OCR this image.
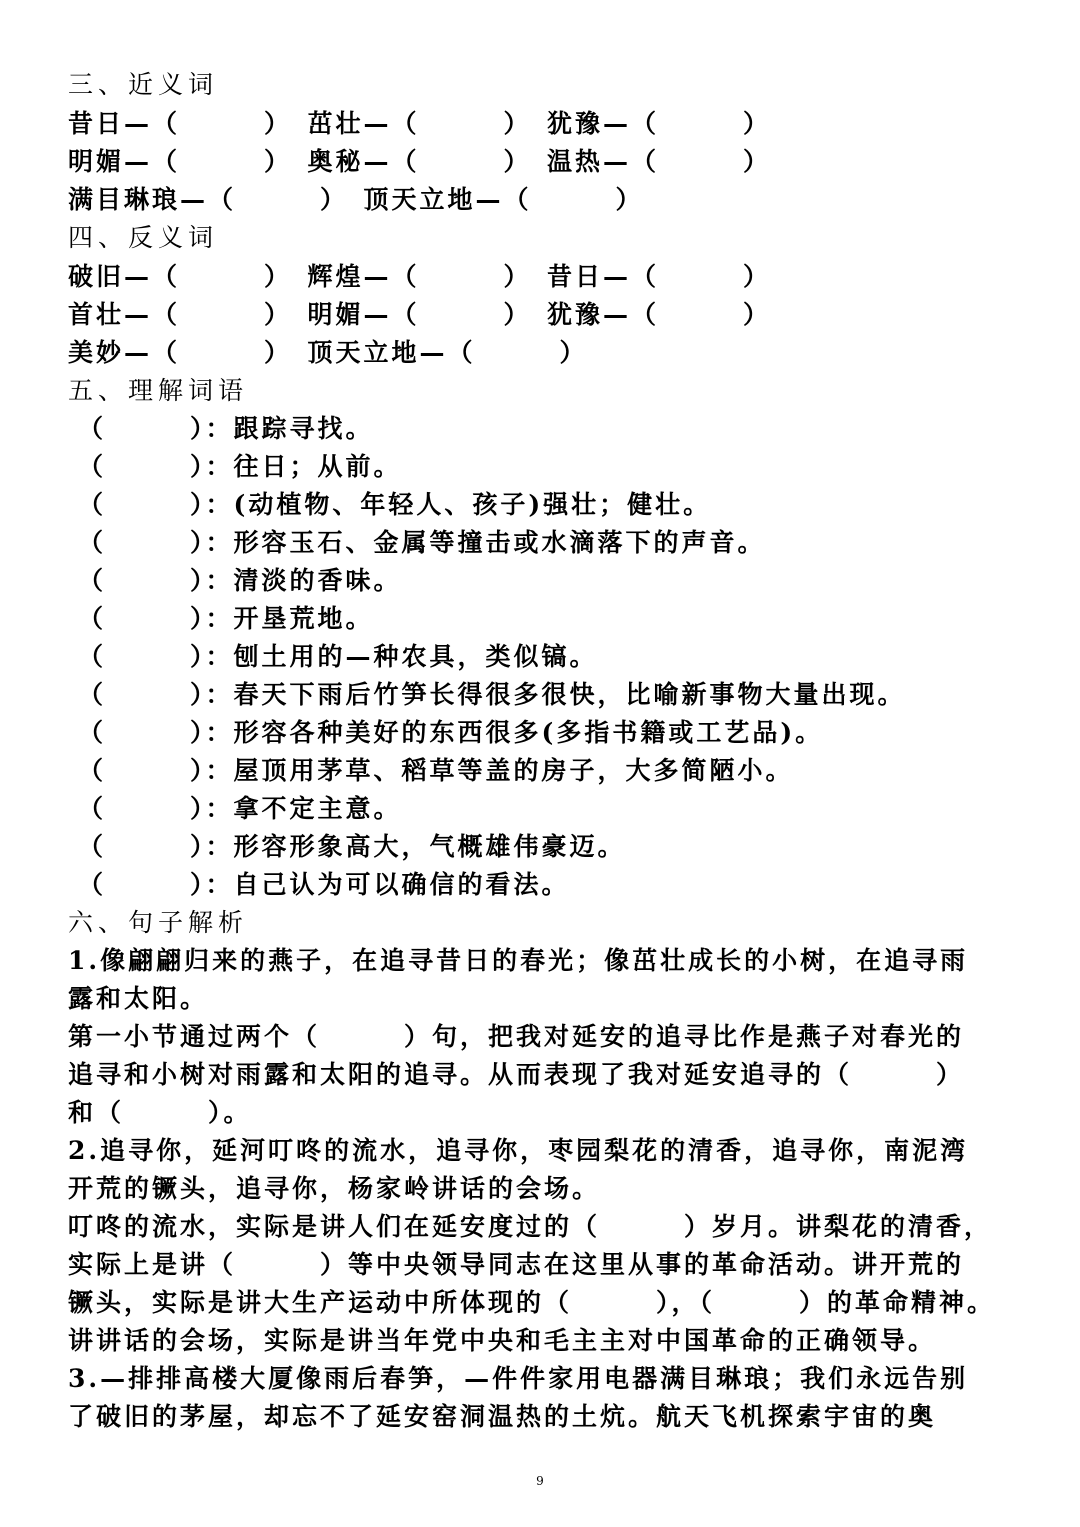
三、近义词
昔日—（　　　）　茁壮—（　　　）　犹豫—（　　　）
明媚—（　　　）　奥秘—（　　　）　温热—（　　　）
满目琳琅—（　　　）　顶天立地—（　　　）
四、反义词
破旧—（　　　）　辉煌—（　　　）　昔日—（　　　）
首壮—（　　　）　明媚—（　　　）　犹豫—（　　　）
美妙—（　　　）　顶天立地—（　　　）
五、理解词语
（　　　）：跟踪寻找。
（　　　）：往日；从前。
（　　　）：(动植物、年轻人、孩子)强壮；健壮。
（　　　）：形容玉石、金属等撞击或水滴落下的声音。
（　　　）：清淡的香味。
（　　　）：开垦荒地。
（　　　）：刨土用的—种农具，类似镐。
（　　　）：春天下雨后竹笋长得很多很快，比喻新事物大量出现。
（　　　）：形容各种美好的东西很多(多指书籍或工艺品)。
（　　　）：屋顶用茅草、稻草等盖的房子，大多简陋小。
（　　　）：拿不定主意。
（　　　）：形容形象高大，气概雄伟豪迈。
（　　　）：自己认为可以确信的看法。
六、句子解析
1.像翩翩归来的燕子，在追寻昔日的春光；像茁壮成长的小树，在追寻雨
露和太阳。
第一小节通过两个（　　　）句，把我对延安的追寻比作是燕子对春光的
追寻和小树对雨露和太阳的追寻。从而表现了我对延安追寻的（　　　）
和（　　　）。
2.追寻你，延河叮咚的流水，追寻你，枣园梨花的清香，追寻你，南泥湾
开荒的镢头，追寻你，杨家岭讲话的会场。
叮咚的流水，实际是讲人们在延安度过的（　　　）岁月。讲梨花的清香，
实际上是讲（　　　）等中央领导同志在这里从事的革命活动。讲开荒的
镢头，实际是讲大生产运动中所体现的（　　　），（　　　）的革命精神。
讲讲话的会场，实际是讲当年党中央和毛主主对中国革命的正确领导。
3.—排排高楼大厦像雨后春笋，—件件家用电器满目琳琅；我们永远告别
了破旧的茅屋，却忘不了延安窑洞温热的土炕。航天飞机探索宇宙的奥
9
